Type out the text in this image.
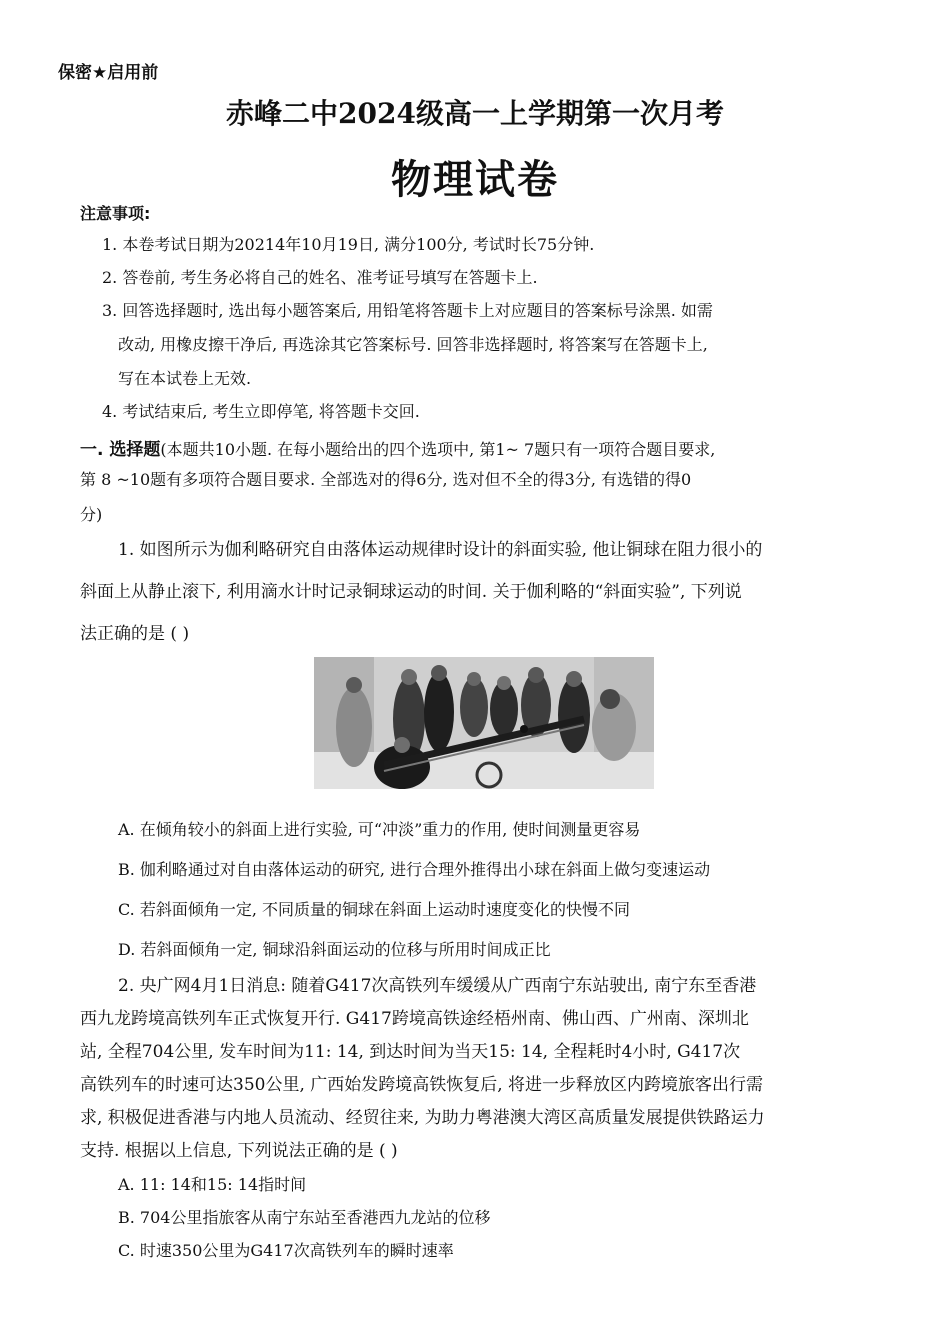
保密★启用前
赤峰二中2024级高一上学期第一次月考
物理试卷
注意事项:
1. 本卷考试日期为20214年10月19日, 满分100分, 考试时长75分钟.
2. 答卷前, 考生务必将自己的姓名、准考证号填写在答题卡上.
3. 回答选择题时, 选出每小题答案后, 用铅笔将答题卡上对应题目的答案标号涂黑. 如需
改动, 用橡皮擦干净后, 再选涂其它答案标号. 回答非选择题时, 将答案写在答题卡上,
写在本试卷上无效.
4. 考试结束后, 考生立即停笔, 将答题卡交回.
一. 选择题(本题共10小题. 在每小题给出的四个选项中, 第1~ 7题只有一项符合题目要求,
第 8 ~10题有多项符合题目要求. 全部选对的得6分, 选对但不全的得3分, 有选错的得0
分)
1. 如图所示为伽利略研究自由落体运动规律时设计的斜面实验, 他让铜球在阻力很小的
斜面上从静止滚下, 利用滴水计时记录铜球运动的时间. 关于伽利略的“斜面实验”, 下列说
法正确的是 ( )
A. 在倾角较小的斜面上进行实验, 可“冲淡”重力的作用, 使时间测量更容易
B. 伽利略通过对自由落体运动的研究, 进行合理外推得出小球在斜面上做匀变速运动
C. 若斜面倾角一定, 不同质量的铜球在斜面上运动时速度变化的快慢不同
D. 若斜面倾角一定, 铜球沿斜面运动的位移与所用时间成正比
2. 央广网4月1日消息: 随着G417次高铁列车缓缓从广西南宁东站驶出, 南宁东至香港
西九龙跨境高铁列车正式恢复开行. G417跨境高铁途经梧州南、佛山西、广州南、深圳北
站, 全程704公里, 发车时间为11: 14, 到达时间为当天15: 14, 全程耗时4小时, G417次
高铁列车的时速可达350公里, 广西始发跨境高铁恢复后, 将进一步释放区内跨境旅客出行需
求, 积极促进香港与内地人员流动、经贸往来, 为助力粤港澳大湾区高质量发展提供铁路运力
支持. 根据以上信息, 下列说法正确的是 ( )
A. 11: 14和15: 14指时间
B. 704公里指旅客从南宁东站至香港西九龙站的位移
C. 时速350公里为G417次高铁列车的瞬时速率
